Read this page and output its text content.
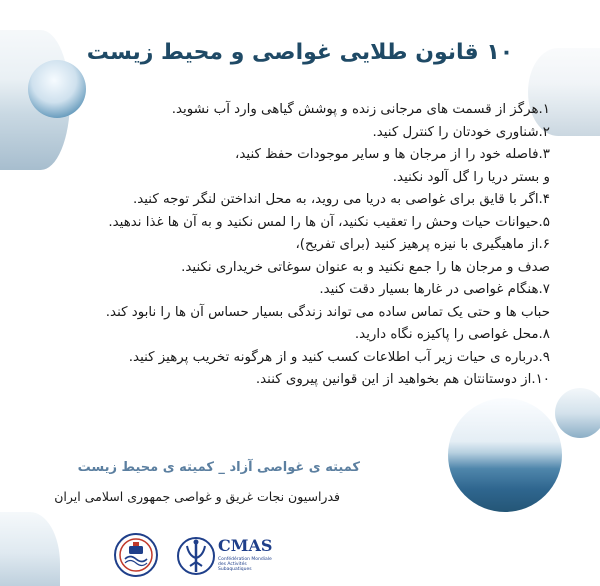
۱۰ قانون طلایی غواصی و محیط زیست
۱.هرگز از قسمت های مرجانی زنده و پوشش گیاهی وارد آب نشوید.
۲.شناوری خودتان را کنترل کنید.
۳.فاصله خود را از مرجان ها و سایر موجودات حفظ کنید،
و بستر دریا را گل آلود نکنید.
۴.اگر با قایق برای غواصی به دریا می روید، به محل انداختن لنگر توجه کنید.
۵.حیوانات حیات وحش را تعقیب نکنید، آن ها را لمس نکنید و به آن ها غذا ندهید.
۶.از ماهیگیری با نیزه پرهیز کنید (برای تفریح)،
صدف و مرجان ها را جمع نکنید و به عنوان سوغاتی خریداری نکنید.
۷.هنگام غواصی در غارها بسیار دقت کنید.
حباب ها و حتی یک تماس ساده می تواند زندگی بسیار حساس آن ها را نابود کند.
۸.محل غواصی را پاکیزه نگاه دارید.
۹.درباره ی حیات زیر آب اطلاعات کسب کنید و از هرگونه تخریب پرهیز کنید.
۱۰.از دوستانتان هم بخواهید از این قوانین پیروی کنند.
کمیته ی غواصی آزاد _ کمیته ی محیط زیست
فدراسیون نجات غریق و غواصی جمهوری اسلامی ایران
CMAS
Confédération Mondiale des Activités Subaquatiques
